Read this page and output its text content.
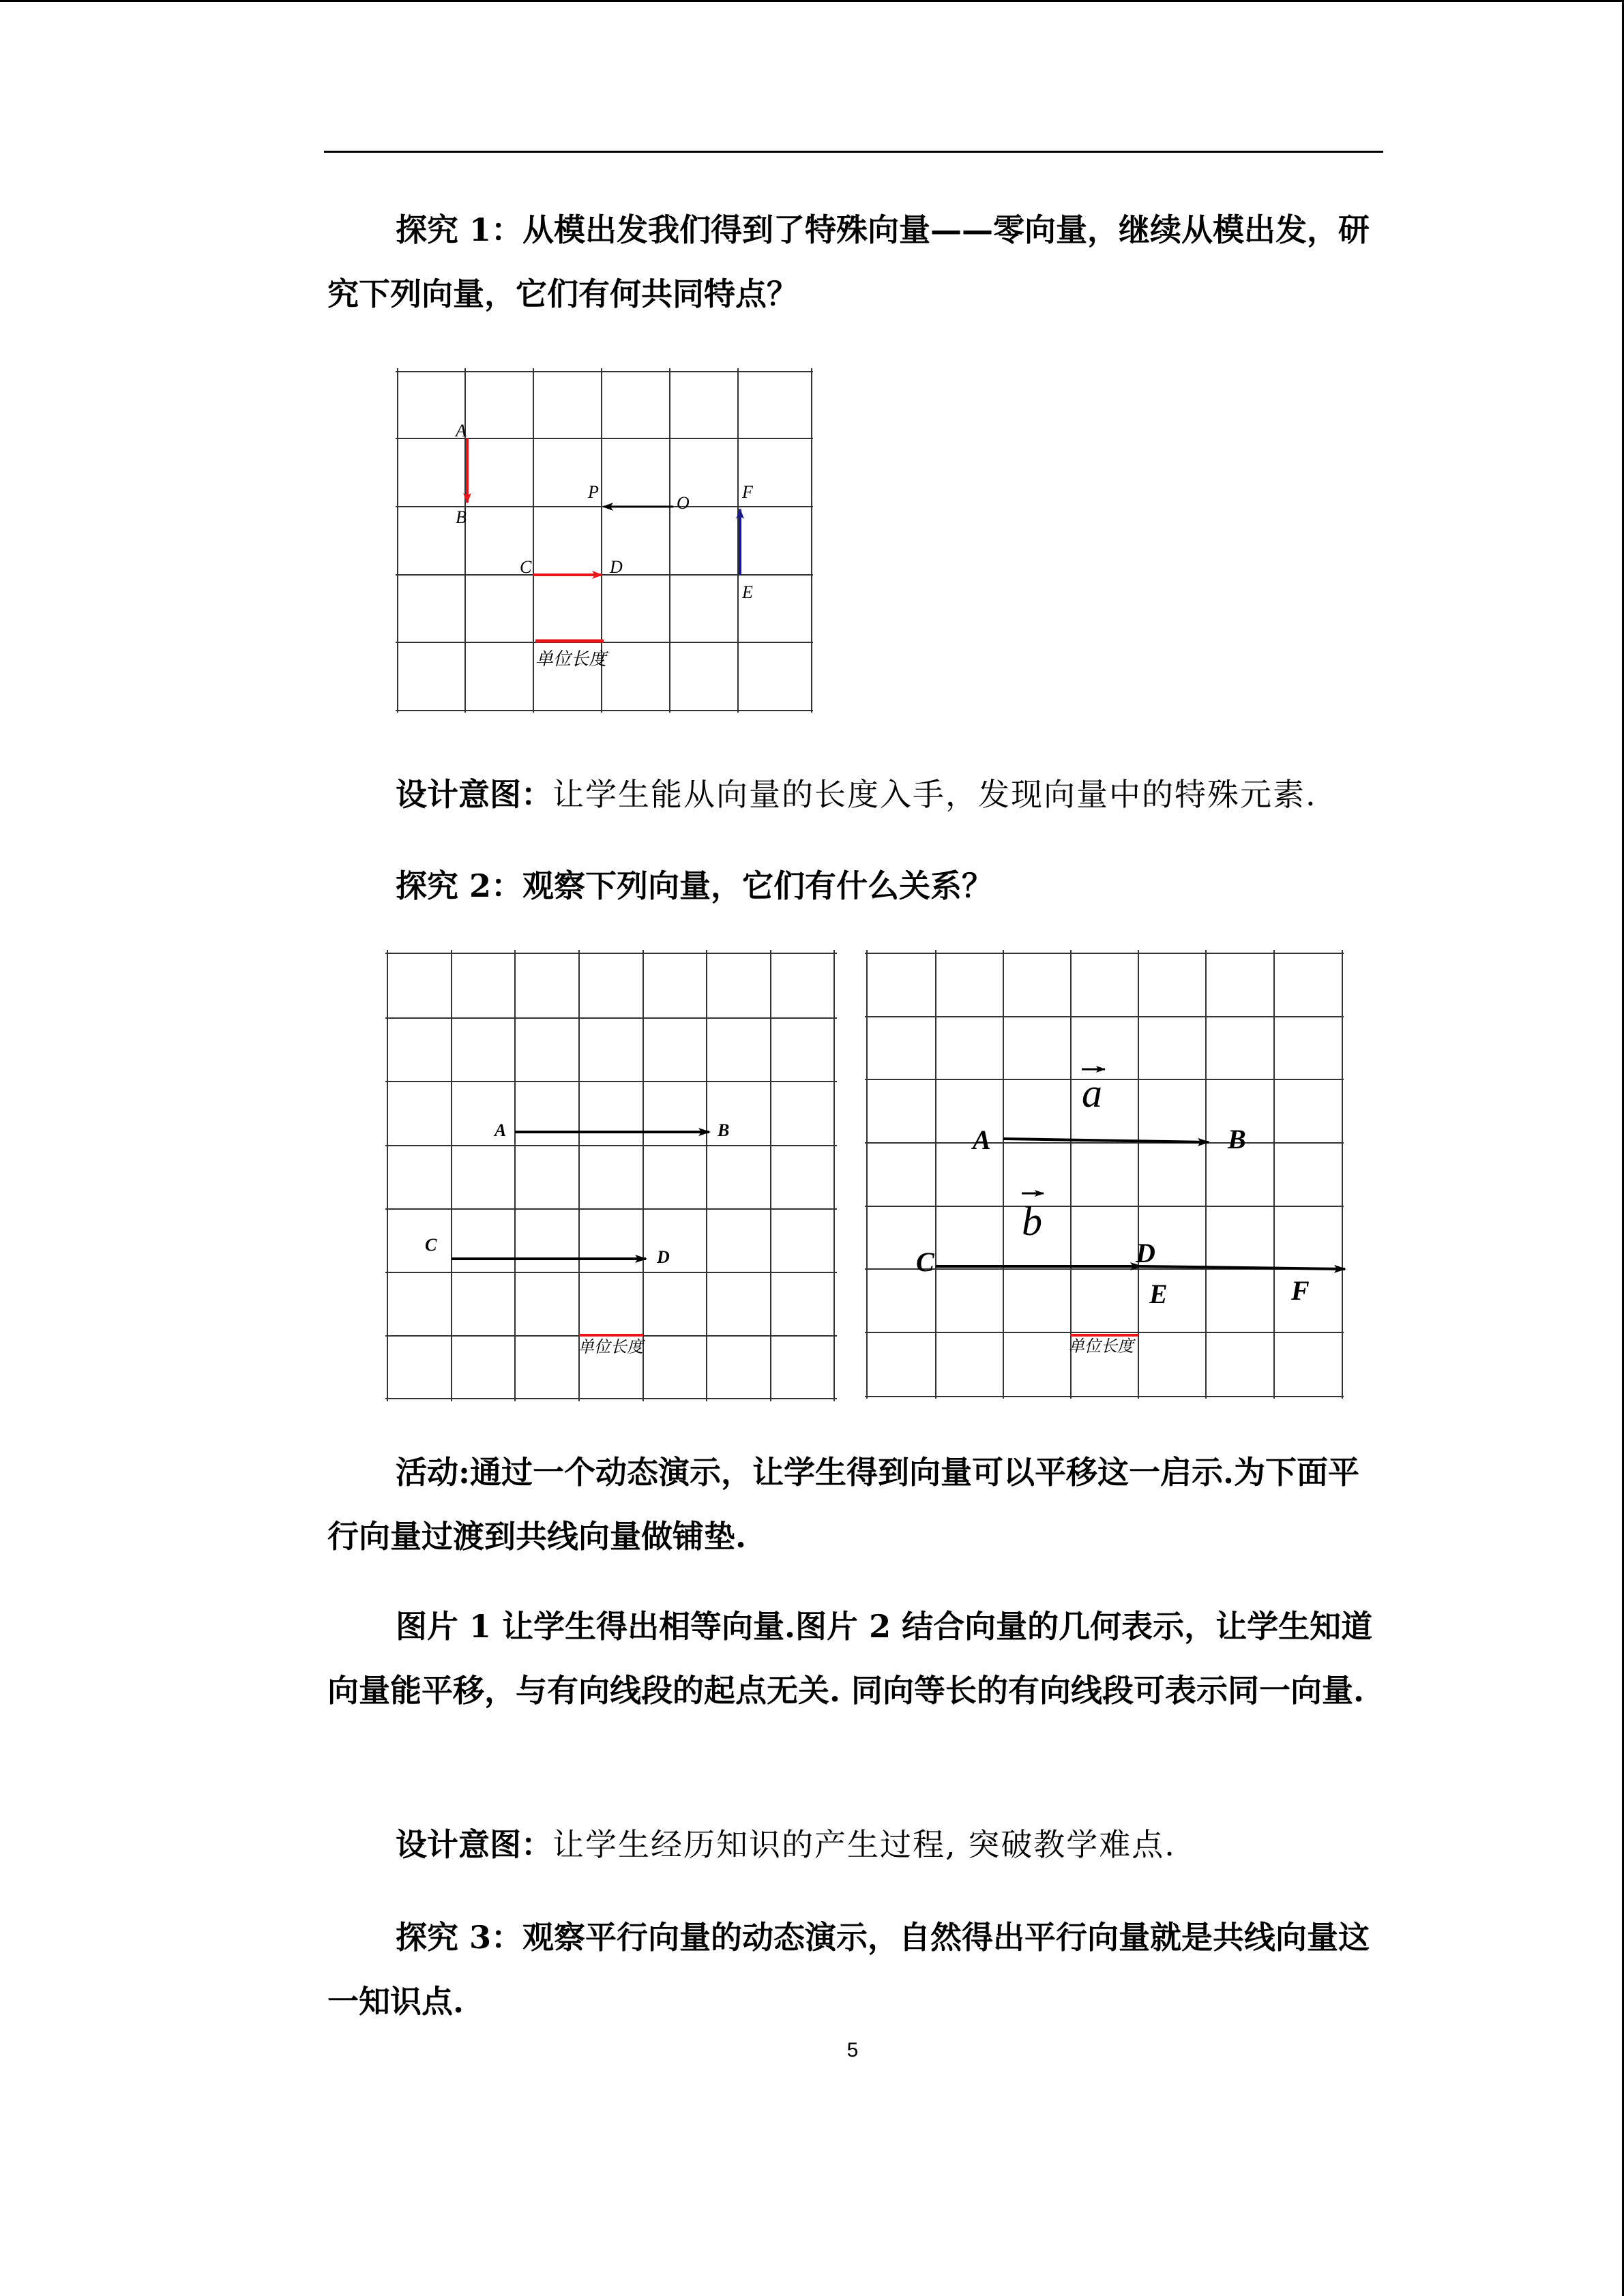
探究 1：从模出发我们得到了特殊向量——零向量，继续从模出发，研究下列向量，它们有何共同特点？

A
B
P
O
F
C	D
E
单位长度

设计意图：让学生能从向量的长度入手，发现向量中的特殊元素.

探究 2：观察下列向量，它们有什么关系？

A	B
C
D
单位长度
a
b
A	B
C	D
E	F
单位长度

活动:通过一个动态演示，让学生得到向量可以平移这一启示.为下面平行向量过渡到共线向量做铺垫.

图片 1 让学生得出相等向量.图片 2 结合向量的几何表示，让学生知道向量能平移，与有向线段的起点无关. 同向等长的有向线段可表示同一向量.

设计意图：让学生经历知识的产生过程, 突破教学难点.

探究 3：观察平行向量的动态演示，自然得出平行向量就是共线向量这一知识点.

5
